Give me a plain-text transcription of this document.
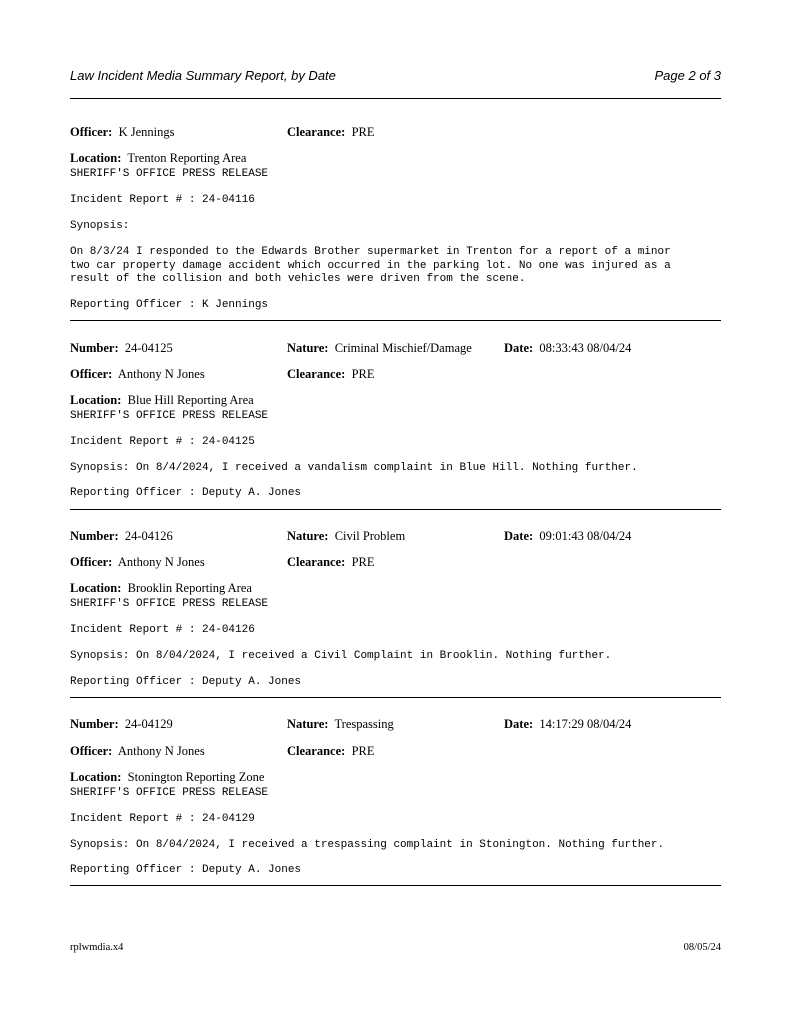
Law Incident Media Summary Report, by Date	Page 2 of 3
Officer: K Jennings	Clearance: PRE
Location: Trenton Reporting Area
SHERIFF'S OFFICE PRESS RELEASE
Incident Report # : 24-04116
Synopsis:
On 8/3/24 I responded to the Edwards Brother supermarket in Trenton for a report of a minor
two car property damage accident which occurred in the parking lot. No one was injured as a
result of the collision and both vehicles were driven from the scene.
Reporting Officer : K Jennings
Number: 24-04125	Nature: Criminal Mischief/Damage	Date: 08:33:43 08/04/24
Officer: Anthony N Jones	Clearance: PRE
Location: Blue Hill Reporting Area
SHERIFF'S OFFICE PRESS RELEASE
Incident Report # : 24-04125
Synopsis: On 8/4/2024, I received a vandalism complaint in Blue Hill. Nothing further.
Reporting Officer : Deputy A. Jones
Number: 24-04126	Nature: Civil Problem	Date: 09:01:43 08/04/24
Officer: Anthony N Jones	Clearance: PRE
Location: Brooklin Reporting Area
SHERIFF'S OFFICE PRESS RELEASE
Incident Report # : 24-04126
Synopsis: On 8/04/2024, I received a Civil Complaint in Brooklin. Nothing further.
Reporting Officer : Deputy A. Jones
Number: 24-04129	Nature: Trespassing	Date: 14:17:29 08/04/24
Officer: Anthony N Jones	Clearance: PRE
Location: Stonington Reporting Zone
SHERIFF'S OFFICE PRESS RELEASE
Incident Report # : 24-04129
Synopsis: On 8/04/2024, I received a trespassing complaint in Stonington. Nothing further.
Reporting Officer : Deputy A. Jones
rplwmdia.x4	08/05/24
